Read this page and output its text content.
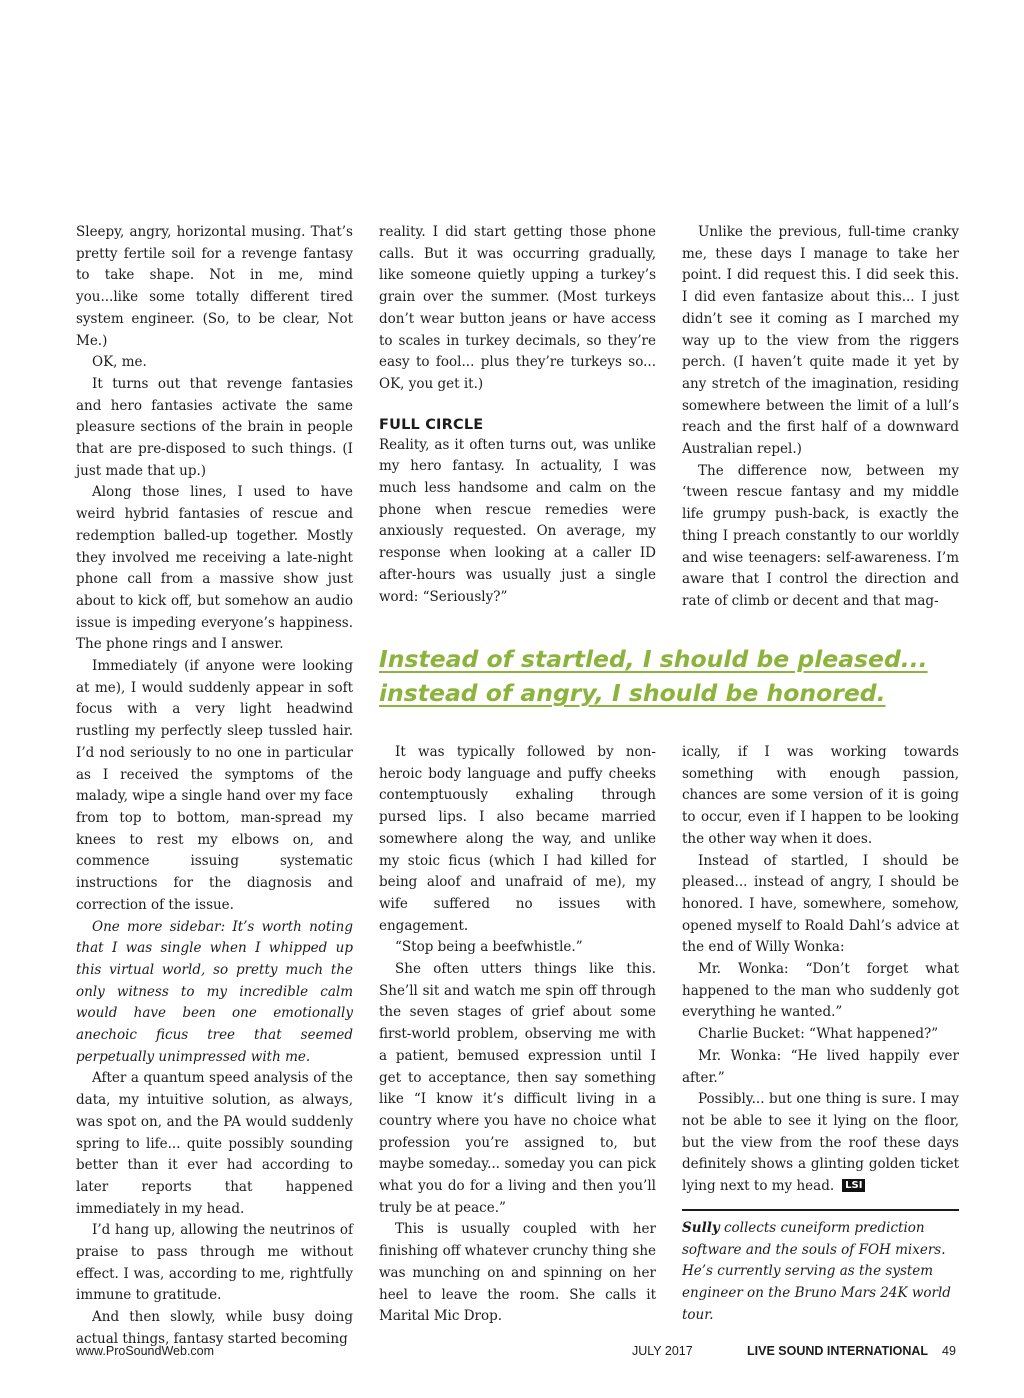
Sleepy, angry, horizontal musing. That’s pretty fertile soil for a revenge fantasy to take shape. Not in me, mind you...like some totally different tired system engineer. (So, to be clear, Not Me.)

OK, me.

It turns out that revenge fantasies and hero fantasies activate the same pleasure sections of the brain in people that are pre-disposed to such things. (I just made that up.)

Along those lines, I used to have weird hybrid fantasies of rescue and redemption balled-up together. Mostly they involved me receiving a late-night phone call from a massive show just about to kick off, but somehow an audio issue is impeding everyone’s happiness. The phone rings and I answer.

Immediately (if anyone were looking at me), I would suddenly appear in soft focus with a very light headwind rustling my perfectly sleep tussled hair. I’d nod seriously to no one in particular as I received the symptoms of the malady, wipe a single hand over my face from top to bottom, man-spread my knees to rest my elbows on, and commence issuing systematic instructions for the diagnosis and correction of the issue.

One more sidebar: It’s worth noting that I was single when I whipped up this virtual world, so pretty much the only witness to my incredible calm would have been one emotionally anechoic ficus tree that seemed perpetually unimpressed with me.

After a quantum speed analysis of the data, my intuitive solution, as always, was spot on, and the PA would suddenly spring to life... quite possibly sounding better than it ever had according to later reports that happened immediately in my head.

I’d hang up, allowing the neutrinos of praise to pass through me without effect. I was, according to me, rightfully immune to gratitude.

And then slowly, while busy doing actual things, fantasy started becoming

reality. I did start getting those phone calls. But it was occurring gradually, like someone quietly upping a turkey’s grain over the summer. (Most turkeys don’t wear button jeans or have access to scales in turkey decimals, so they’re easy to fool... plus they’re turkeys so... OK, you get it.)

FULL CIRCLE

Reality, as it often turns out, was unlike my hero fantasy. In actuality, I was much less handsome and calm on the phone when rescue remedies were anxiously requested. On average, my response when looking at a caller ID after-hours was usually just a single word: “Seriously?”

Unlike the previous, full-time cranky me, these days I manage to take her point. I did request this. I did seek this. I did even fantasize about this... I just didn’t see it coming as I marched my way up to the view from the riggers perch. (I haven’t quite made it yet by any stretch of the imagination, residing somewhere between the limit of a lull’s reach and the first half of a downward Australian repel.)

The difference now, between my ‘tween rescue fantasy and my middle life grumpy push-back, is exactly the thing I preach constantly to our worldly and wise teenagers: self-awareness. I’m aware that I control the direction and rate of climb or decent and that mag-

Instead of startled, I should be pleased...
instead of angry, I should be honored.

It was typically followed by non-heroic body language and puffy cheeks contemptuously exhaling through pursed lips. I also became married somewhere along the way, and unlike my stoic ficus (which I had killed for being aloof and unafraid of me), my wife suffered no issues with engagement.

“Stop being a beefwhistle.”

She often utters things like this. She’ll sit and watch me spin off through the seven stages of grief about some first-world problem, observing me with a patient, bemused expression until I get to acceptance, then say something like “I know it’s difficult living in a country where you have no choice what profession you’re assigned to, but maybe someday... someday you can pick what you do for a living and then you’ll truly be at peace.”

This is usually coupled with her finishing off whatever crunchy thing she was munching on and spinning on her heel to leave the room. She calls it Marital Mic Drop.

ically, if I was working towards something with enough passion, chances are some version of it is going to occur, even if I happen to be looking the other way when it does.

Instead of startled, I should be pleased... instead of angry, I should be honored. I have, somewhere, somehow, opened myself to Roald Dahl’s advice at the end of Willy Wonka:

Mr. Wonka: “Don’t forget what happened to the man who suddenly got everything he wanted.”

Charlie Bucket: “What happened?”

Mr. Wonka: “He lived happily ever after.”

Possibly... but one thing is sure. I may not be able to see it lying on the floor, but the view from the roof these days definitely shows a glinting golden ticket lying next to my head. LSI

Sully collects cuneiform prediction software and the souls of FOH mixers. He’s currently serving as the system engineer on the Bruno Mars 24K world tour.
www.ProSoundWeb.com	JULY 2017	LIVE SOUND INTERNATIONAL 49
